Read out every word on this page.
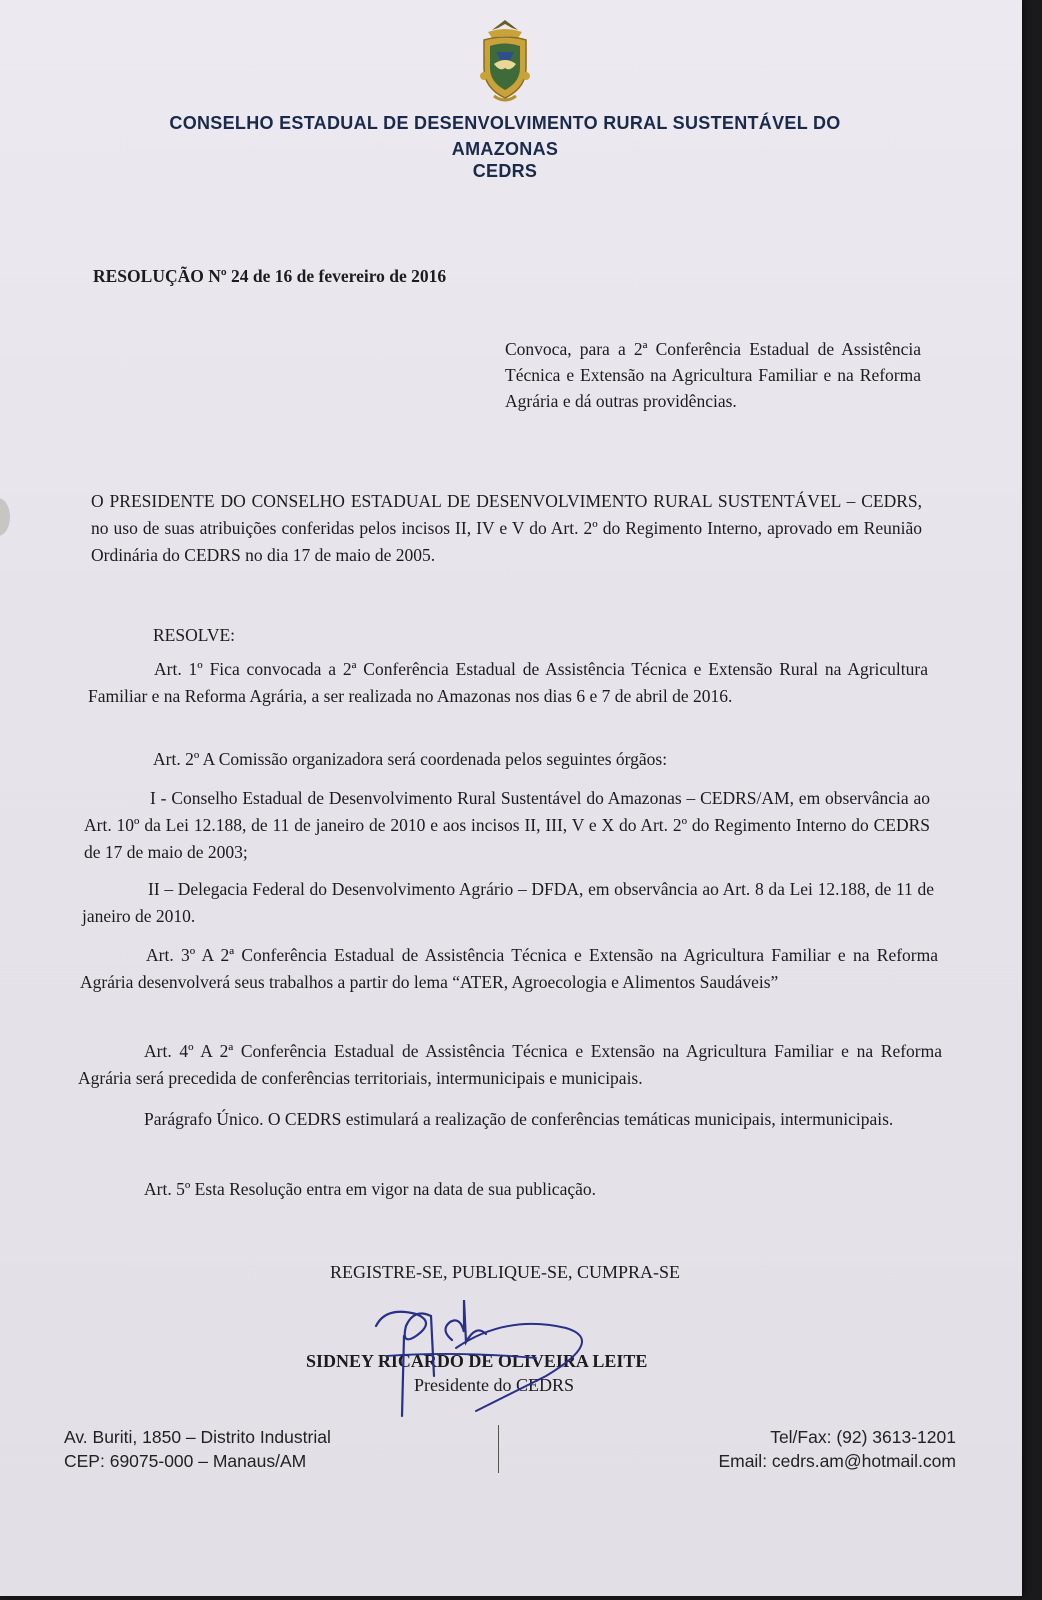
CONSELHO ESTADUAL DE DESENVOLVIMENTO RURAL SUSTENTÁVEL DO
AMAZONAS
CEDRS
RESOLUÇÃO Nº 24 de 16 de fevereiro de 2016
Convoca, para a 2ª Conferência Estadual de Assistência Técnica e Extensão na Agricultura Familiar e na Reforma Agrária e dá outras providências.
O PRESIDENTE DO CONSELHO ESTADUAL DE DESENVOLVIMENTO RURAL SUSTENTÁVEL – CEDRS, no uso de suas atribuições conferidas pelos incisos II, IV e V do Art. 2º do Regimento Interno, aprovado em Reunião Ordinária do CEDRS no dia 17 de maio de 2005.
RESOLVE:
Art. 1º Fica convocada a 2ª Conferência Estadual de Assistência Técnica e Extensão Rural na Agricultura Familiar e na Reforma Agrária, a ser realizada no Amazonas nos dias 6 e 7 de abril de 2016.
Art. 2º A Comissão organizadora será coordenada pelos seguintes órgãos:
I - Conselho Estadual de Desenvolvimento Rural Sustentável do Amazonas – CEDRS/AM, em observância ao Art. 10º da Lei 12.188, de 11 de janeiro de 2010 e aos incisos II, III, V e X do Art. 2º do Regimento Interno do CEDRS de 17 de maio de 2003;
II – Delegacia Federal do Desenvolvimento Agrário – DFDA, em observância ao Art. 8 da Lei 12.188, de 11 de janeiro de 2010.
Art. 3º A 2ª Conferência Estadual de Assistência Técnica e Extensão na Agricultura Familiar e na Reforma Agrária desenvolverá seus trabalhos a partir do lema “ATER, Agroecologia e Alimentos Saudáveis”
Art. 4º A 2ª Conferência Estadual de Assistência Técnica e Extensão na Agricultura Familiar e na Reforma Agrária será precedida de conferências territoriais, intermunicipais e municipais.
Parágrafo Único. O CEDRS estimulará a realização de conferências temáticas municipais, intermunicipais.
Art. 5º Esta Resolução entra em vigor na data de sua publicação.
REGISTRE-SE, PUBLIQUE-SE, CUMPRA-SE
SIDNEY RICARDO DE OLIVEIRA LEITE
Presidente do CEDRS
Av. Buriti, 1850 – Distrito Industrial
CEP: 69075-000 – Manaus/AM
Tel/Fax: (92) 3613-1201
Email: cedrs.am@hotmail.com
